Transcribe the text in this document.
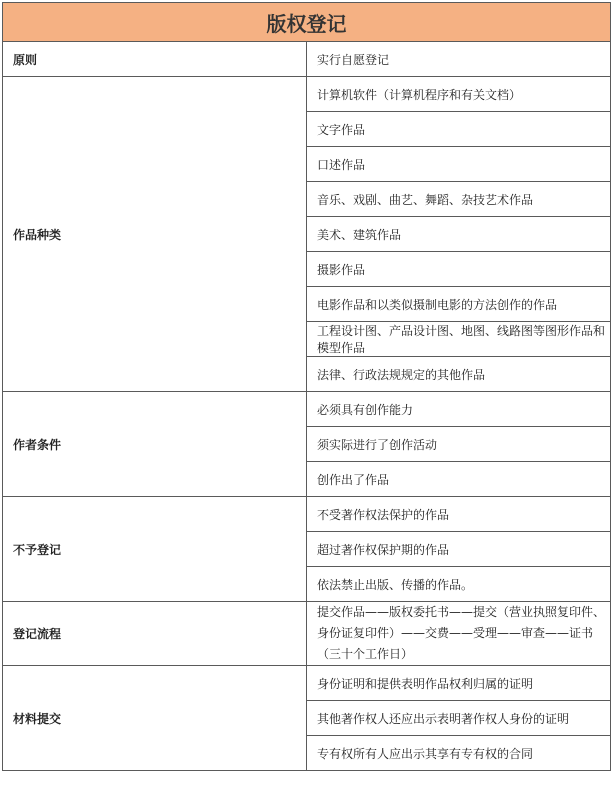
版权登记	
原则	实行自愿登记
作品种类	计算机软件（计算机程序和有关文档）
	文字作品
	口述作品
	音乐、戏剧、曲艺、舞蹈、杂技艺术作品
	美术、建筑作品
	摄影作品
	电影作品和以类似摄制电影的方法创作的作品
	工程设计图、产品设计图、地图、线路图等图形作品和模型作品
	法律、行政法规规定的其他作品
作者条件	必须具有创作能力
	须实际进行了创作活动
	创作出了作品
不予登记	不受著作权法保护的作品
	超过著作权保护期的作品
	依法禁止出版、传播的作品。
登记流程	提交作品——版权委托书——提交（营业执照复印件、身份证复印件）——交费——受理——审查——证书（三十个工作日）
材料提交	身份证明和提供表明作品权利归属的证明
	其他著作权人还应出示表明著作权人身份的证明
	专有权所有人应出示其享有专有权的合同
